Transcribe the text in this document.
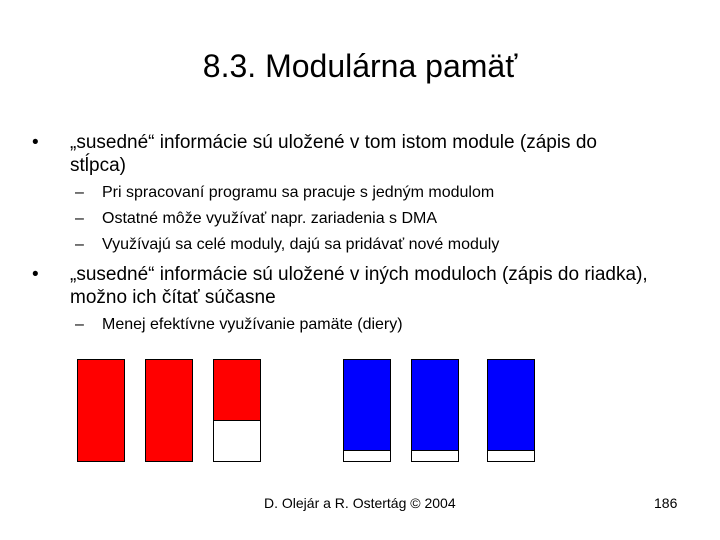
8.3. Modulárna pamäť
•	„susedné“ informácie sú uložené v tom istom module (zápis do
stĺpca)
– Pri spracovaní programu sa pracuje s jedným modulom
– Ostatné môže využívať napr. zariadenia s DMA
– Využívajú sa celé moduly, dajú sa pridávať nové moduly
•	„susedné“ informácie sú uložené v iných moduloch (zápis do riadka),
možno ich čítať súčasne
– Menej efektívne využívanie pamäte (diery)
D. Olejár a R. Ostertág © 2004	186
